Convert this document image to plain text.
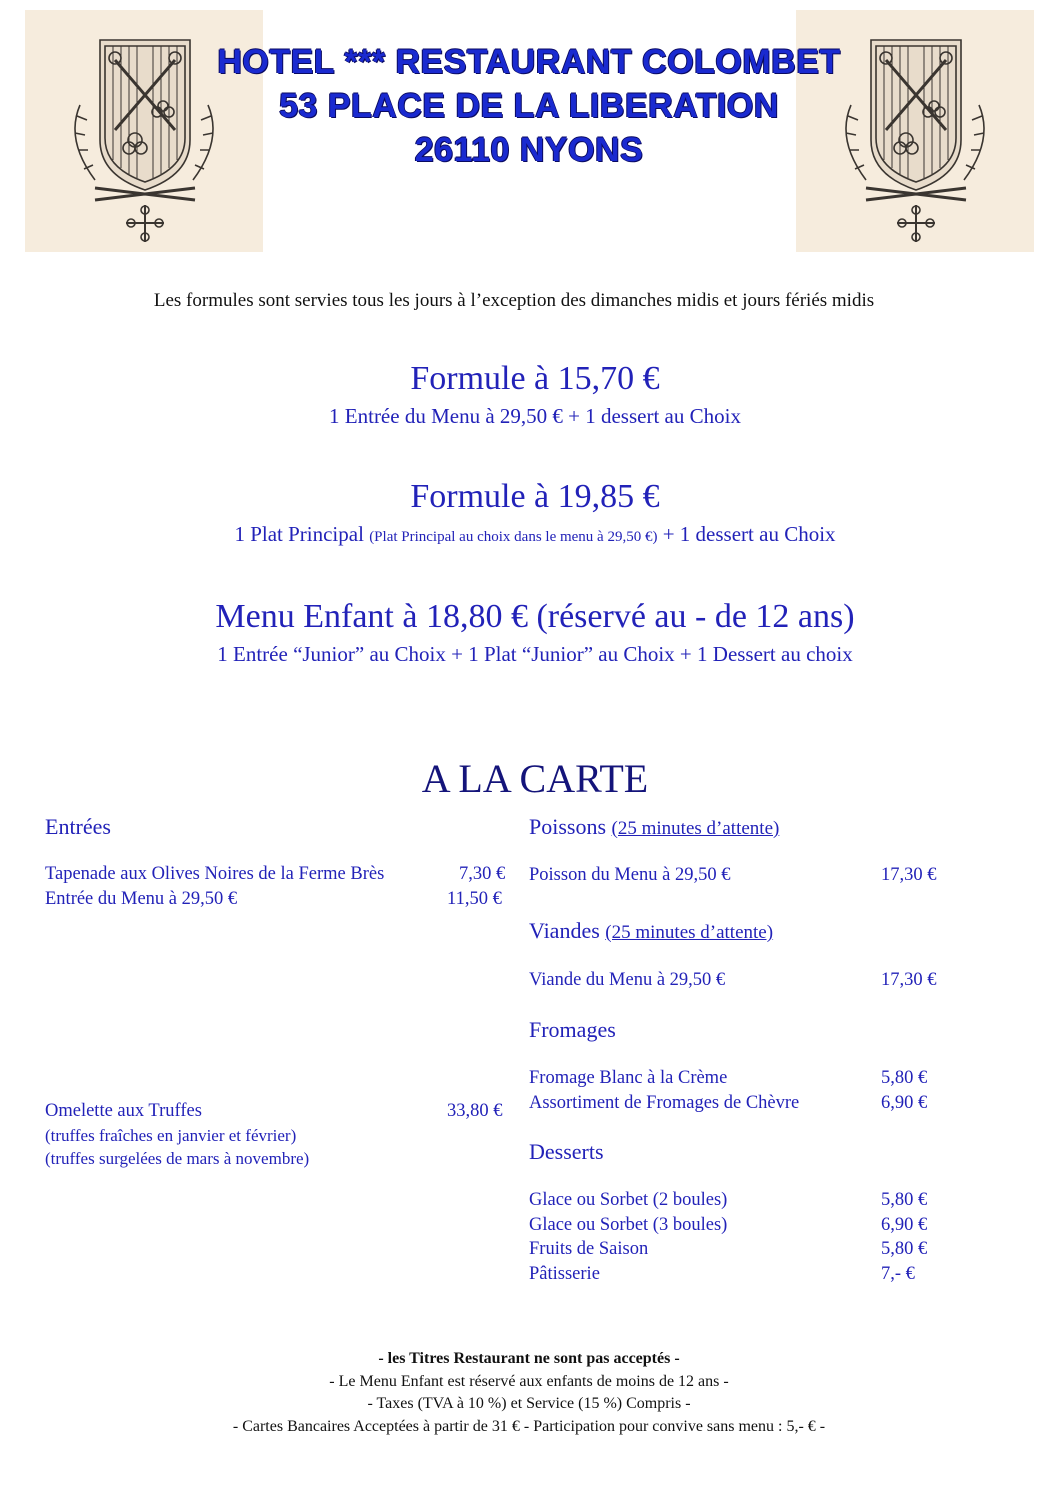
HOTEL *** RESTAURANT COLOMBET
53 PLACE DE LA LIBERATION
26110 NYONS
Les formules sont servies tous les jours à l’exception des dimanches midis et jours fériés midis
Formule à 15,70 €
1 Entrée du Menu à 29,50 € + 1 dessert au Choix
Formule à 19,85 €
1 Plat Principal (Plat Principal au choix dans le menu à 29,50 €) + 1 dessert au Choix
Menu Enfant à 18,80 € (réservé au - de 12 ans)
1 Entrée “Junior” au Choix + 1 Plat “Junior” au Choix + 1 Dessert au choix
A LA CARTE
Entrées
Tapenade aux Olives Noires de la Ferme Brès	7,30 €
Entrée du Menu à 29,50 €	11,50 €
Omelette aux Truffes	33,80 €
(truffes fraîches en janvier et février)
(truffes surgelées de mars à novembre)
Poissons (25 minutes d’attente)
Poisson du Menu à 29,50 €	17,30 €
Viandes (25 minutes d’attente)
Viande du Menu à 29,50 €	17,30 €
Fromages
Fromage Blanc à la Crème	5,80 €
Assortiment de Fromages de Chèvre	6,90 €
Desserts
Glace ou Sorbet (2 boules)	5,80 €
Glace ou Sorbet (3 boules)	6,90 €
Fruits de Saison	5,80 €
Pâtisserie	7,- €
- les Titres Restaurant ne sont pas acceptés -
- Le Menu Enfant est réservé aux enfants de moins de 12 ans -
- Taxes (TVA à 10 %) et Service (15 %) Compris -
- Cartes Bancaires Acceptées à partir de 31 € - Participation pour convive sans menu : 5,- € -
